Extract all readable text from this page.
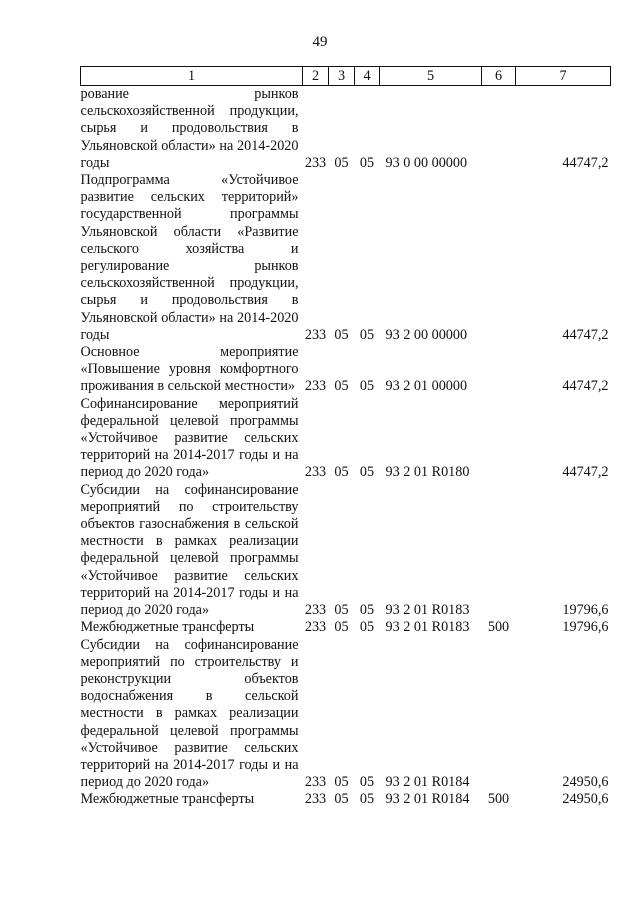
49
1	2	3	4	5	6	7
рование рынков сельскохозяйственной продукции, сырья и продовольствия в Ульяновской области» на 2014-2020 годы	233	05	05	93 0 00 00000		44747,2
Подпрограмма «Устойчивое развитие сельских территорий» государственной программы Ульяновской области «Развитие сельского хозяйства и регулирование рынков сельскохозяйственной продукции, сырья и продовольствия в Ульяновской области» на 2014-2020 годы	233	05	05	93 2 00 00000		44747,2
Основное мероприятие «Повышение уровня комфортного проживания в сельской местности»	233	05	05	93 2 01 00000		44747,2
Софинансирование мероприятий федеральной целевой программы «Устойчивое развитие сельских территорий на 2014-2017 годы и на период до 2020 года»	233	05	05	93 2 01 R0180		44747,2
Субсидии на софинансирование мероприятий по строительству объектов газоснабжения в сельской местности в рамках реализации федеральной целевой программы «Устойчивое развитие сельских территорий на 2014-2017 годы и на период до 2020 года»	233	05	05	93 2 01 R0183		19796,6
Межбюджетные трансферты	233	05	05	93 2 01 R0183	500	19796,6
Субсидии на софинансирование мероприятий по строительству и реконструкции объектов водоснабжения в сельской местности в рамках реализации федеральной целевой программы «Устойчивое развитие сельских территорий на 2014-2017 годы и на период до 2020 года»	233	05	05	93 2 01 R0184		24950,6
Межбюджетные трансферты	233	05	05	93 2 01 R0184	500	24950,6
